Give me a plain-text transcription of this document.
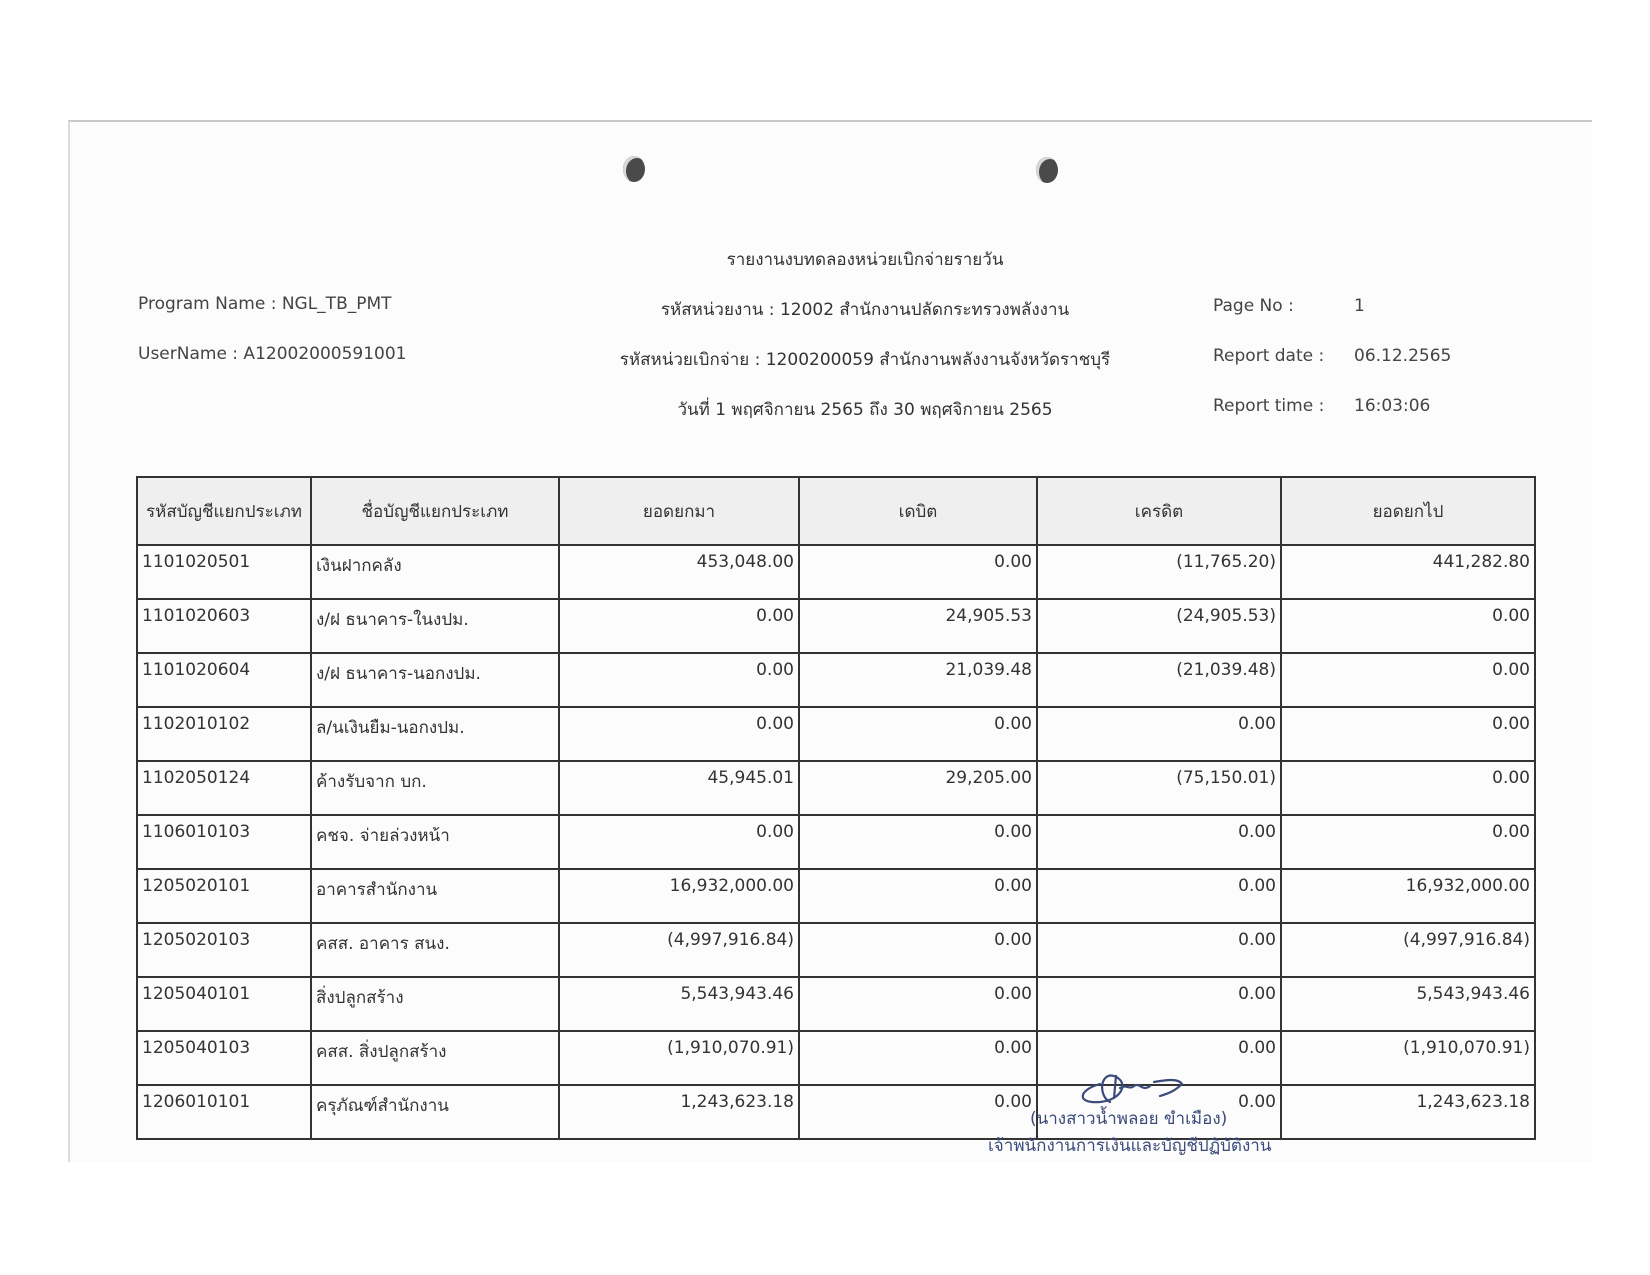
รายงานงบทดลองหน่วยเบิกจ่ายรายวัน
รหัสหน่วยงาน : 12002 สำนักงานปลัดกระทรวงพลังงาน
รหัสหน่วยเบิกจ่าย : 1200200059 สำนักงานพลังงานจังหวัดราชบุรี
วันที่ 1 พฤศจิกายน 2565 ถึง 30 พฤศจิกายน 2565
Program Name : NGL_TB_PMT
UserName : A12002000591001
Page No :	1
Report date : 06.12.2565
Report time : 16:03:06
รหัสบัญชีแยกประเภท	ชื่อบัญชีแยกประเภท	ยอดยกมา	เดบิต	เครดิต	ยอดยกไป
1101020501	เงินฝากคลัง	453,048.00	0.00	(11,765.20)	441,282.80
1101020603	ง/ฝ ธนาคาร-ในงปม.	0.00	24,905.53	(24,905.53)	0.00
1101020604	ง/ฝ ธนาคาร-นอกงปม.	0.00	21,039.48	(21,039.48)	0.00
1102010102	ล/นเงินยืม-นอกงปม.	0.00	0.00	0.00	0.00
1102050124	ค้างรับจาก บก.	45,945.01	29,205.00	(75,150.01)	0.00
1106010103	คชจ. จ่ายล่วงหน้า	0.00	0.00	0.00	0.00
1205020101	อาคารสำนักงาน	16,932,000.00	0.00	0.00	16,932,000.00
1205020103	คสส. อาคาร สนง.	(4,997,916.84)	0.00	0.00	(4,997,916.84)
1205040101	สิ่งปลูกสร้าง	5,543,943.46	0.00	0.00	5,543,943.46
1205040103	คสส. สิ่งปลูกสร้าง	(1,910,070.91)	0.00	0.00	(1,910,070.91)
1206010101	ครุภัณฑ์สำนักงาน	1,243,623.18	0.00	0.00	1,243,623.18
(นางสาวน้ำพลอย ขำเมือง)
เจ้าพนักงานการเงินและบัญชีปฏิบัติงาน
